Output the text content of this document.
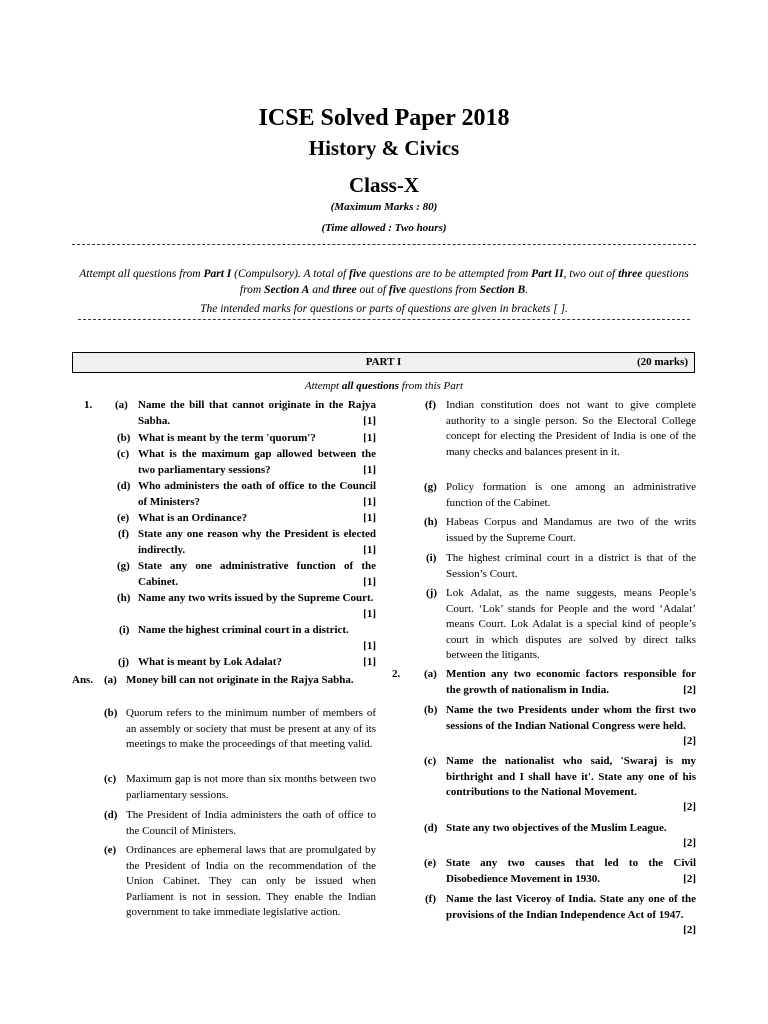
ICSE Solved Paper 2018
History & Civics
Class-X
(Maximum Marks : 80)
(Time allowed : Two hours)
Attempt all questions from Part I (Compulsory). A total of five questions are to be attempted from Part II, two out of three questions from Section A and three out of five questions from Section B.
The intended marks for questions or parts of questions are given in brackets [ ].
PART I	(20 marks)
Attempt all questions from this Part
1. (a) Name the bill that cannot originate in the Rajya Sabha.	[1]
(b) What is meant by the term 'quorum'?	[1]
(c) What is the maximum gap allowed between the two parliamentary sessions?	[1]
(d) Who administers the oath of office to the Council of Ministers?	[1]
(e) What is an Ordinance?	[1]
(f) State any one reason why the President is elected indirectly.	[1]
(g) State any one administrative function of the Cabinet.	[1]
(h) Name any two writs issued by the Supreme Court.
[1]
(i) Name the highest criminal court in a district.
[1]
(j) What is meant by Lok Adalat?	[1]
Ans. (a) Money bill can not originate in the Rajya Sabha.
(b) Quorum refers to the minimum number of members of an assembly or society that must be present at any of its meetings to make the proceedings of that meeting valid.
(c) Maximum gap is not more than six months between two parliamentary sessions.
(d) The President of India administers the oath of office to the Council of Ministers.
(e) Ordinances are ephemeral laws that are promulgated by the President of India on the recommendation of the Union Cabinet. They can only be issued when Parliament is not in session. They enable the Indian government to take immediate legislative action.
(f) Indian constitution does not want to give complete authority to a single person. So the Electoral College concept for electing the President of India is one of the many checks and balances present in it.
(g) Policy formation is one among an administrative function of the Cabinet.
(h) Habeas Corpus and Mandamus are two of the writs issued by the Supreme Court.
(i) The highest criminal court in a district is that of the Session’s Court.
(j) Lok Adalat, as the name suggests, means People’s Court. ‘Lok’ stands for People and the word ‘Adalat’ means Court. Lok Adalat is a special kind of people’s court in which disputes are solved by direct talks between the litigants.
2. (a) Mention any two economic factors responsible for the growth of nationalism in India.	[2]
(b) Name the two Presidents under whom the first two sessions of the Indian National Congress were held.
[2]
(c) Name the nationalist who said, 'Swaraj is my birthright and I shall have it'. State any one of his contributions to the National Movement.
[2]
(d) State any two objectives of the Muslim League.
[2]
(e) State any two causes that led to the Civil Disobedience Movement in 1930.	[2]
(f) Name the last Viceroy of India. State any one of the provisions of the Indian Independence Act of 1947.
[2]
